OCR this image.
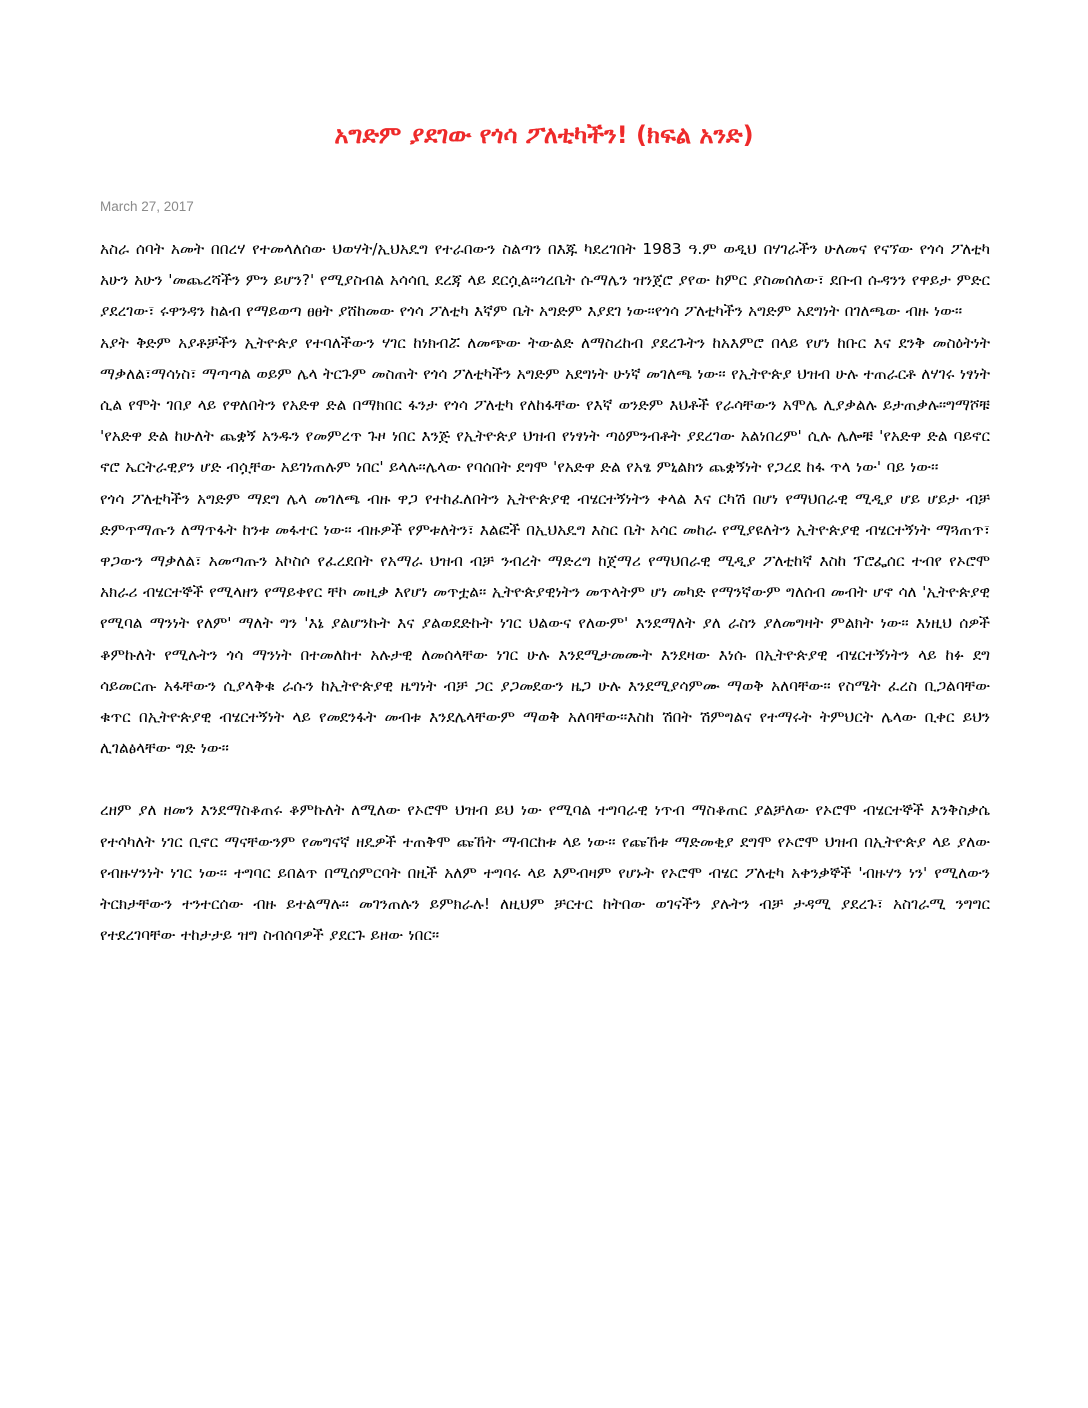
አግድም ያደገው የጎሳ ፖለቲካችን! (ክፍል አንድ)

March 27, 2017

አስራ ሰባት አመት በበረሃ የተመላለሰው ህወሃት/ኢህአዴግ የተራበውን ስልጣን በእጁ ካደረገበት 1983 ዓ.ም ወዲህ በሃገራችን ሁለመና የናኘው የጎሳ ፖለቲካ አሁን አሁን 'መጨረሻችን ምን ይሆን?' የሚያስብል አሳሳቢ ደረጃ ላይ ደርሷል፡፡ጎረቤት ሱማሌን ዝንጀሮ ያየው ከምር ያስመሰለው፣ ደቡብ ሱዳንን የዋይታ ምድር ያደረገው፣ ሩዋንዳን ከልብ የማይወጣ ፀፀት ያሸከመው የጎሳ ፖለቲካ እኛም ቤት አግድም እያደገ ነው፡፡የጎሳ ፖለቲካችን አግድም አደግነት በገለጫው ብዙ ነው፡፡

አያት ቅድም አያቶቻችን ኢትዮጵያ የተባለችውን ሃገር ከነክብሯ ለመጭው ትውልድ ለማስረከብ ያደረጉትን ከአእምሮ በላይ የሆነ ከቡር እና ደንቅ መስዕትነት ማቃለል፣ማሳነስ፣ ማጣጣል ወይም ሌላ ትርጉም መስጠት የጎሳ ፖለቲካችን አግድም አደግነት ሁነኛ መገለጫ ነው፡፡ የኢትዮጵያ ህዝብ ሁሉ ተጠራርቶ ለሃገሩ ነፃነት ሲል የሞት ገበያ ላይ የዋለበትን የአድዋ ድል በማክበር ፋንታ የጎሳ ፖለቲካ የለከፋቸው የእኛ ወንድም እህቶች የራሳቸውን አሞሌ ሊያቃልሉ ይታጠቃሉ፡፡ግማሾቹ 'የአድዋ ድል ከሁለት ጨቋኝ አንዱን የመምረጥ ጉዞ ነበር እንጅ የኢትዮጵያ ህዝብ የነፃነት ጣዕምንብቶት ያደረገው አልነበረም' ሲሉ ሌሎቹ 'የአድዋ ድል ባይኖር ኖሮ ኤርትራዊያን ሆድ ብሷቸው አይገነጠሉም ነበር' ይላሉ፡፡ሌላው የባሰበት ደግሞ 'የአድዋ ድል የአፄ ምኒልክን ጨቋኝነት የጋረደ ከፋ ጥላ ነው' ባይ ነው፡፡

የጎሳ ፖለቲካችን አግድም ማደግ ሌላ መገለጫ ብዙ ዋጋ የተከፈለበትን ኢትዮጵያዊ ብሄርተኝነትን ቀላል እና ርካሽ በሆነ የማህበራዊ ሚዲያ ሆይ ሆይታ ብቻ ድምጥማጡን ለማጥፋት ከንቱ መፋተር ነው፡፡ ብዙዎች የምቱለትን፣ እልፎች በኢህአዴግ እስር ቤት አሳር መከራ የሚያዩለትን ኢትዮጵያዊ ብሄርተኝነት ማጓጠጥ፣ ዋጋውን ማቃለል፣ አመጣጡን አኮስሶ የፈረደበት የአማራ ህዝብ ብቻ ንብረት ማድረግ ከጀማሪ የማህበራዊ ሚዲያ ፖለቲከኛ እስከ ፕሮፌሰር ተብየ የኦሮሞ አክራሪ ብሄርተኞች የሚላዘን የማይቀየር ቸኮ መዚቃ እየሆነ መጥቷል፡፡ ኢትዮጵያዊነትን መጥላትም ሆነ መካድ የማንኛውም ግለሰብ መብት ሆኖ ሳለ 'ኢትዮጵያዊ የሚባል ማንነት የለም' ማለት ግን 'እኔ ያልሆንኩት እና ያልወደድኩት ነገር ህልውና የለውም' እንደማለት ያለ ራስን ያለመግዛት ምልክት ነው፡፡ እነዚህ ሰዎች ቆምኩለት የሚሉትን ጎሳ ማንነት በተመለከተ አሉታዊ ለመሰላቸው ነገር ሁሉ እንደሚታመሙት እንደዛው እነሱ በኢትዮጵያዊ ብሄርተኝነትን ላይ ከፉ ደግ ሳይመርጡ አፋቸውን ሲያላቅቁ ራሱን ከኢትዮጵያዊ ዜግነት ብቻ ጋር ያጋመደውን ዜጋ ሁሉ እንደሚያሳምሙ ማወቅ አለባቸው፡፡ የስሜት ፈረስ ቢጋልባቸው ቁጥር በኢትዮጵያዊ ብሄርተኝነት ላይ የመደንፋት መብቱ እንደሌላቸውም ማወቅ አለባቸው፡፡እስከ ሽበት ሽምግልና የተማሩት ትምህርት ሌላው ቢቀር ይህን ሊገልፅላቸው ግድ ነው፡፡

ረዘም ያለ ዘመን እንደማስቆጠሩ ቆምኩለት ለሚለው የኦሮሞ ህዝብ ይህ ነው የሚባል ተግባራዊ ነጥብ ማስቆጠር ያልቻለው የኦሮሞ ብሄርተኞች እንቅስቃሴ የተሳካለት ነገር ቢኖር ማናቸውንም የመግናኛ ዘዴዎች ተጠቅሞ ጩኸት ማብርከቱ ላይ ነው፡፡ የጩኸቱ ማድመቂያ ደግሞ የኦሮሞ ህዝብ በኢትዮጵያ ላይ ያለው የብዙሃንነት ነገር ነው፡፡ ተግባር ይበልጥ በሚሰምርባት በዚች አለም ተግባሩ ላይ እምብዛም የሆኑት የኦሮሞ ብሄር ፖለቲካ አቀንቃኞች 'ብዙሃን ነን' የሚለውን ትርክታቸውን ተንተርሰው ብዙ ይተልማሉ፡፡ መገንጠሉን ይምክራሉ! ለዚህም ቻርተር ከትበው ወገናችን ያሉትን ብቻ ታዳሚ ያደረጉ፣ አስገራሚ ንግግር የተደረገባቸው ተከታታይ ዝግ ስብሰባዎች ያደርጉ ይዘው ነበር፡፡
